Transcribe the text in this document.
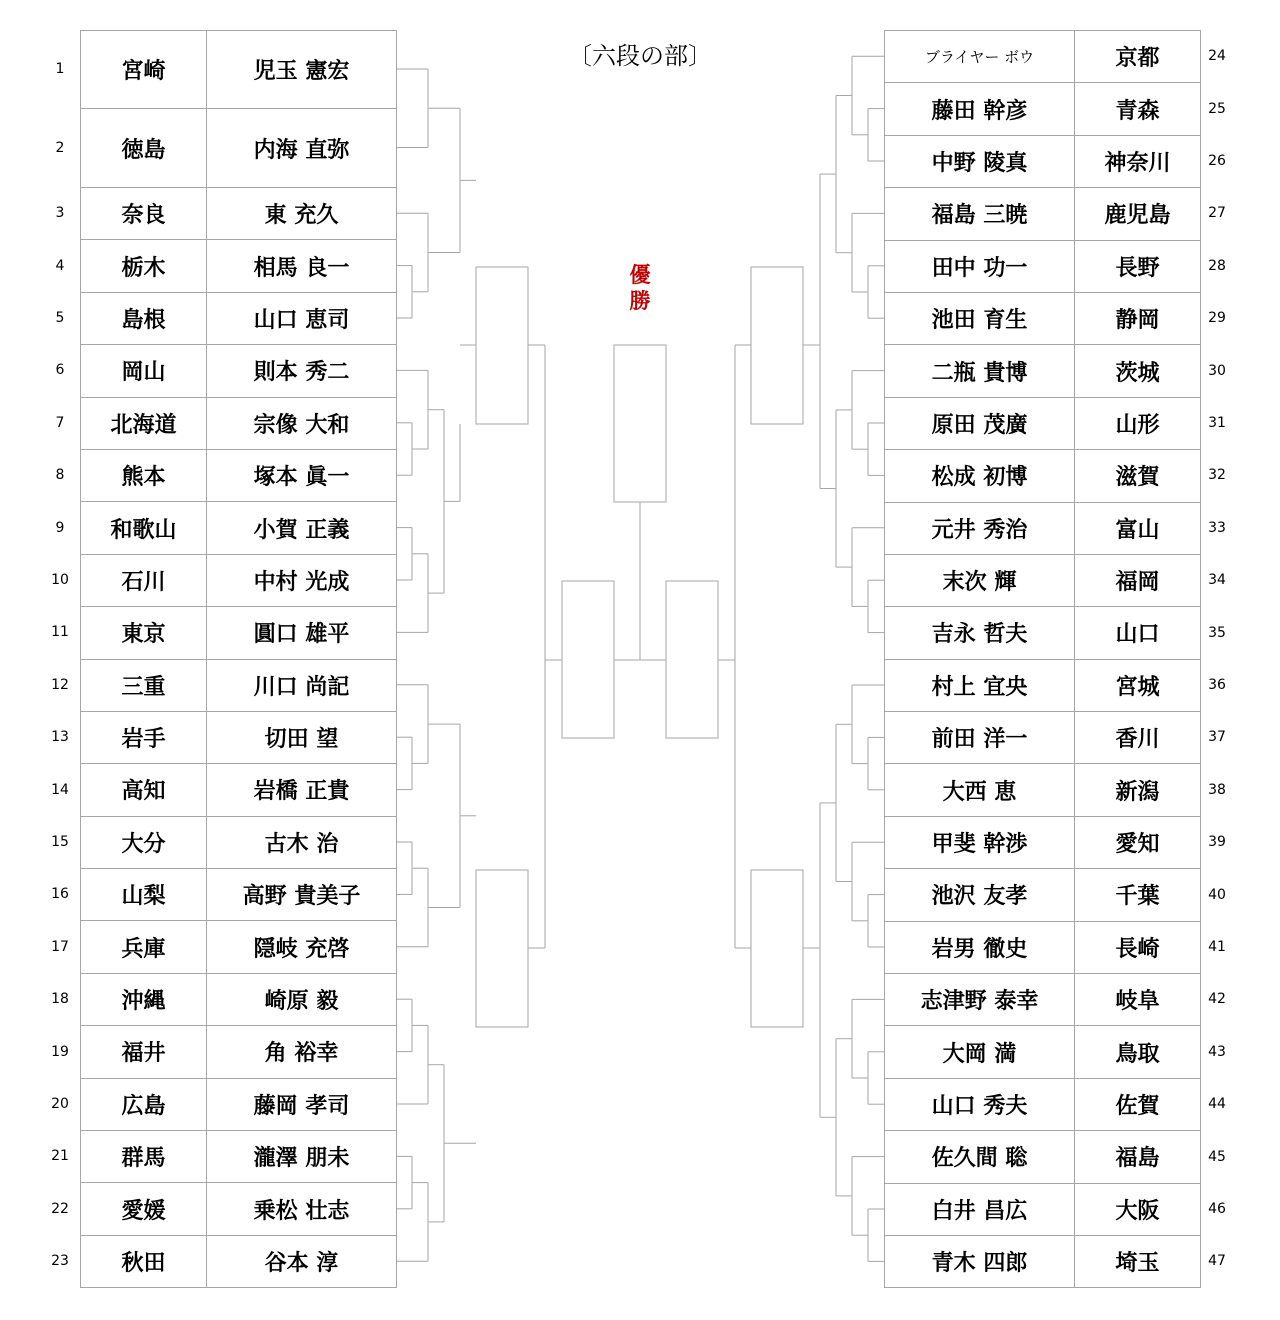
〔六段の部〕
優
勝
宮崎	児玉 憲宏
徳島	内海 直弥
奈良	東 充久
栃木	相馬 良一
島根	山口 恵司
岡山	則本 秀二
北海道	宗像 大和
熊本	塚本 眞一
和歌山	小賀 正義
石川	中村 光成
東京	圓口 雄平
三重	川口 尚記
岩手	切田 望
高知	岩橋 正貴
大分	古木 治
山梨	高野 貴美子
兵庫	隠岐 充啓
沖縄	崎原 毅
福井	角 裕幸
広島	藤岡 孝司
群馬	瀧澤 朋未
愛媛	乗松 壮志
秋田	谷本 淳
ブライヤー ボウ	京都
藤田 幹彦	青森
中野 陵真	神奈川
福島 三暁	鹿児島
田中 功一	長野
池田 育生	静岡
二瓶 貴博	茨城
原田 茂廣	山形
松成 初博	滋賀
元井 秀治	富山
末次 輝	福岡
吉永 哲夫	山口
村上 宜央	宮城
前田 洋一	香川
大西 恵	新潟
甲斐 幹渉	愛知
池沢 友孝	千葉
岩男 徹史	長崎
志津野 泰幸	岐阜
大岡 満	鳥取
山口 秀夫	佐賀
佐久間 聡	福島
白井 昌広	大阪
青木 四郎	埼玉
1
2
3
4
5
6
7
8
9
10
11
12
13
14
15
16
17
18
19
20
21
22
23
24
25
26
27
28
29
30
31
32
33
34
35
36
37
38
39
40
41
42
43
44
45
46
47
